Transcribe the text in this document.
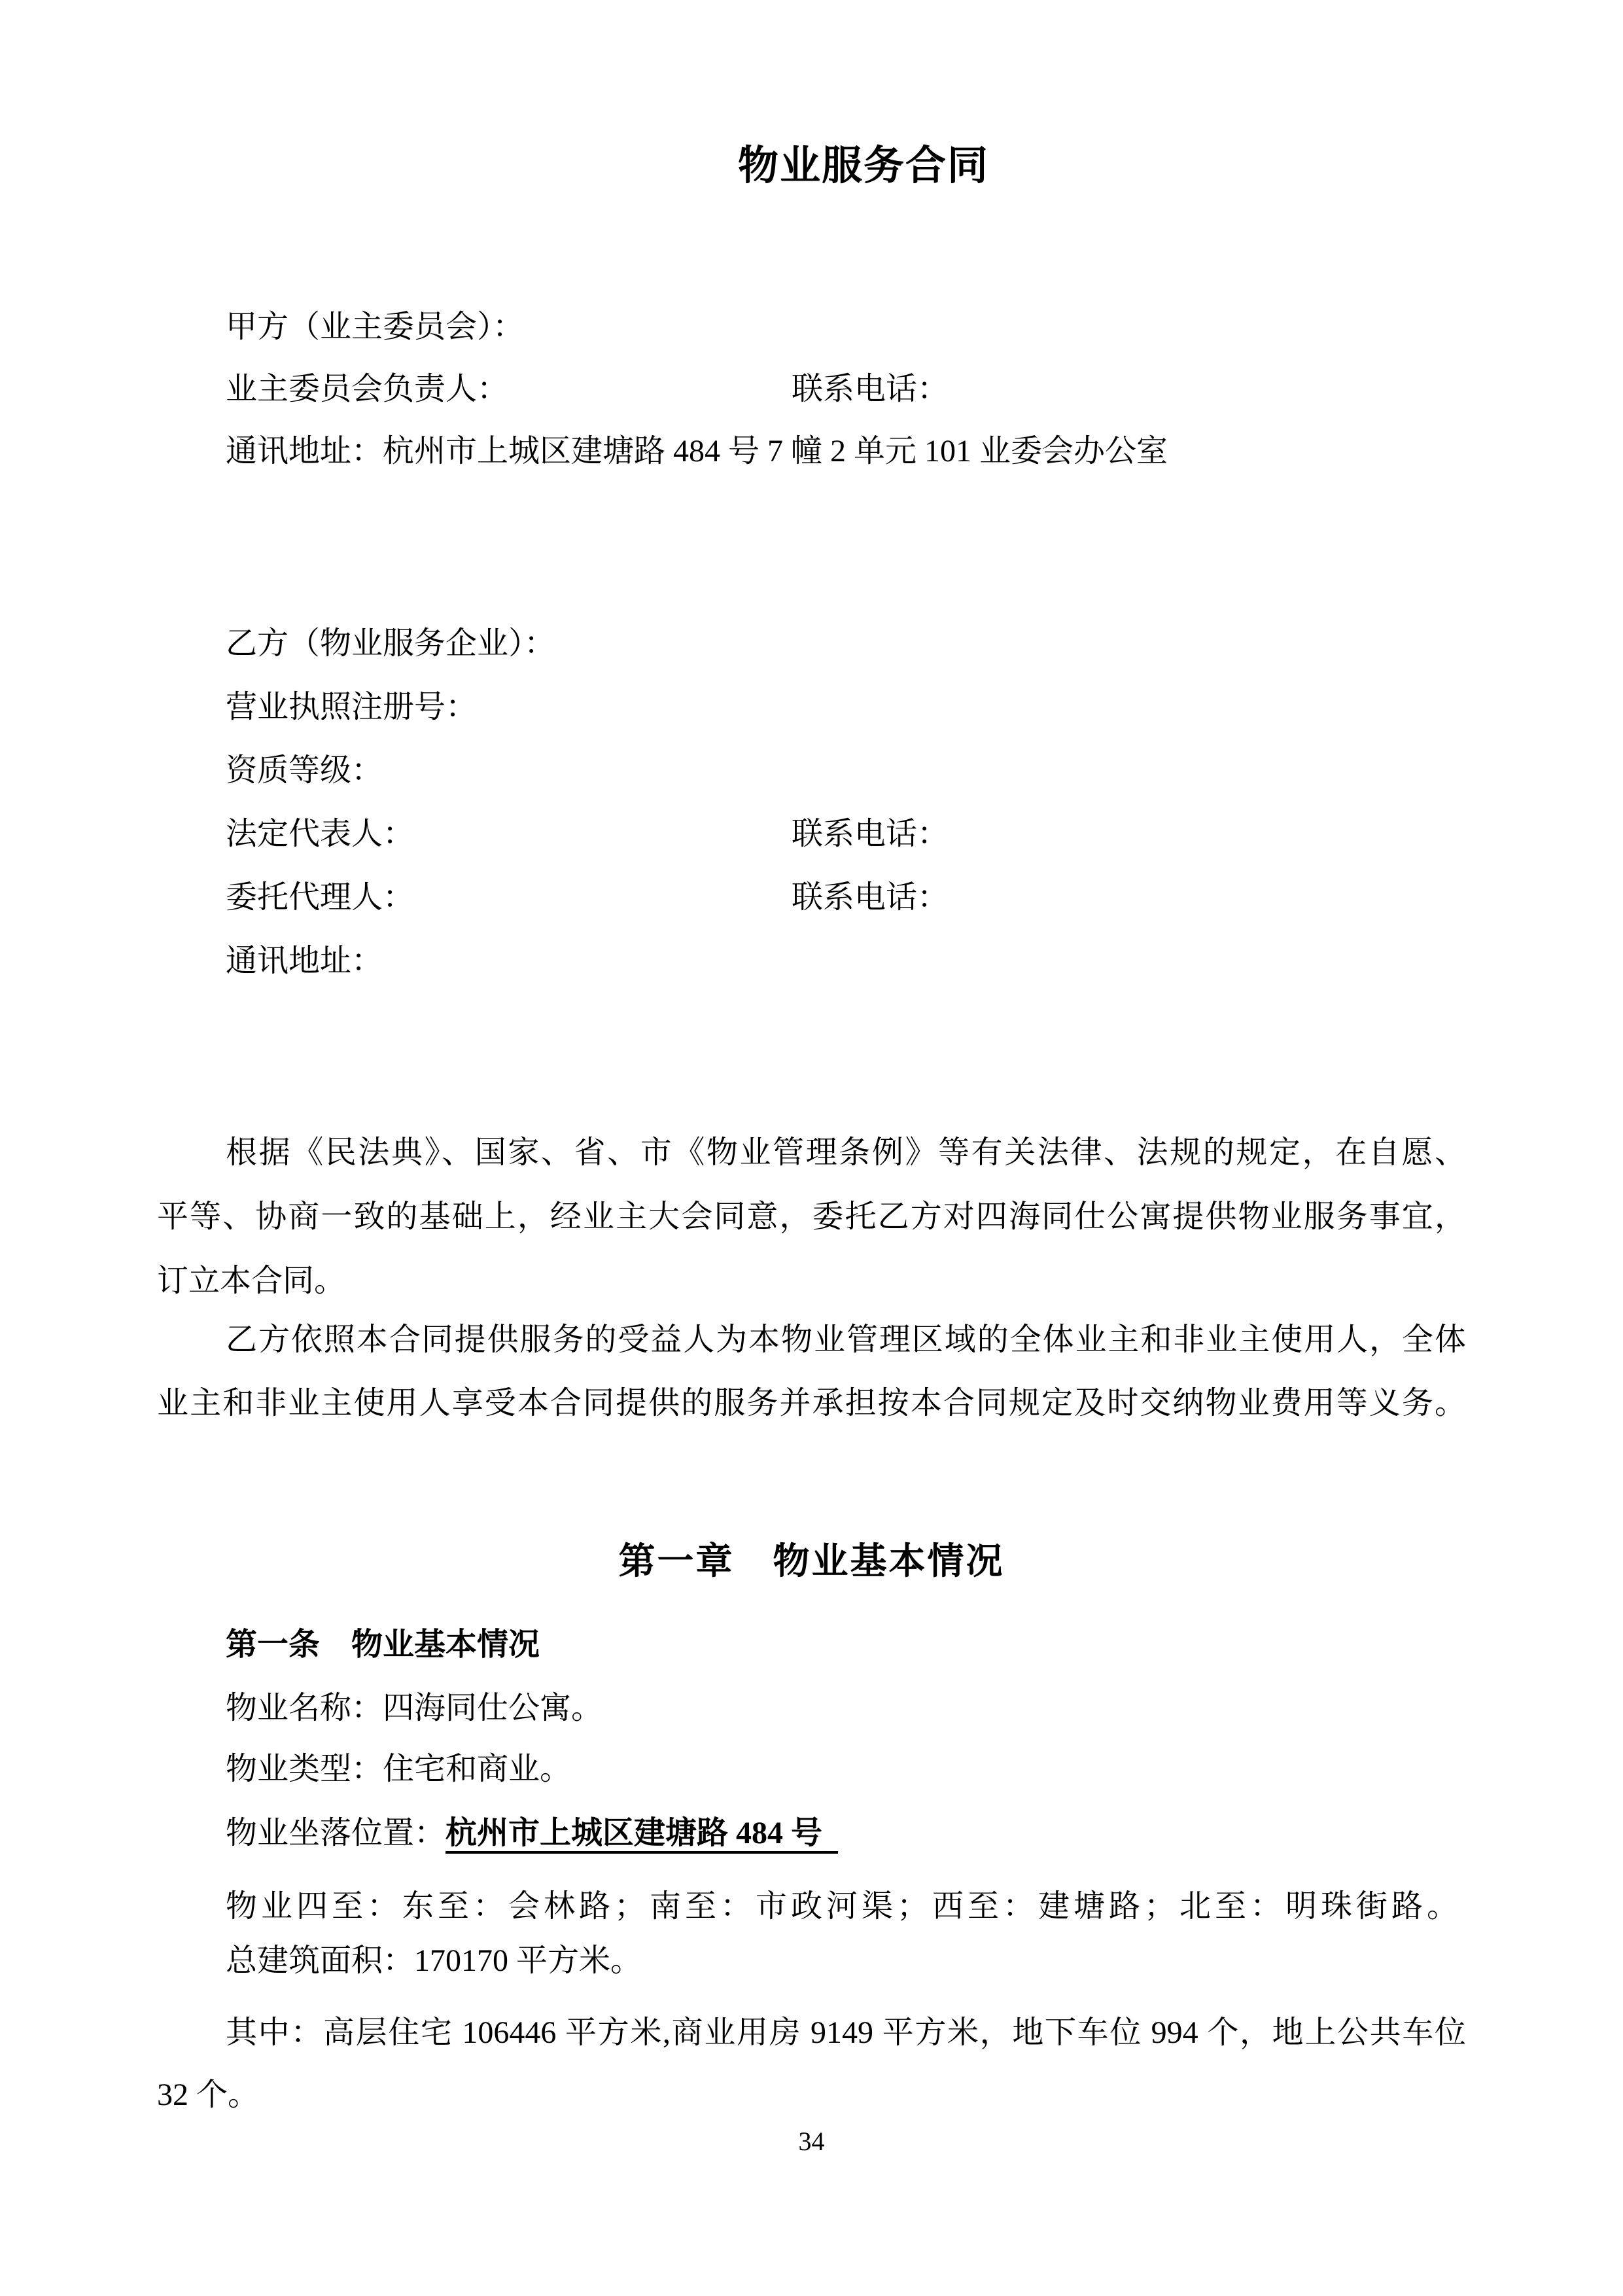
物业服务合同
甲方（业主委员会）：
业主委员会负责人：	联系电话：
通讯地址：杭州市上城区建塘路 484 号 7 幢 2 单元 101 业委会办公室
乙方（物业服务企业）：
营业执照注册号：
资质等级：
法定代表人：	联系电话：
委托代理人：	联系电话：
通讯地址：
根据《民法典》、国家、省、市《物业管理条例》等有关法律、法规的规定，在自愿、
平等、协商一致的基础上，经业主大会同意，委托乙方对四海同仕公寓提供物业服务事宜，
订立本合同。
乙方依照本合同提供服务的受益人为本物业管理区域的全体业主和非业主使用人，全体
业主和非业主使用人享受本合同提供的服务并承担按本合同规定及时交纳物业费用等义务。
第一章　物业基本情况
第一条　物业基本情况
物业名称：四海同仕公寓。
物业类型：住宅和商业。
物业坐落位置：杭州市上城区建塘路 484 号
物业四至：东至：会林路；南至：市政河渠；西至：建塘路；北至：明珠街路。
总建筑面积：170170 平方米。
其中：高层住宅 106446 平方米,商业用房 9149 平方米，地下车位 994 个，地上公共车位
32 个。
34
